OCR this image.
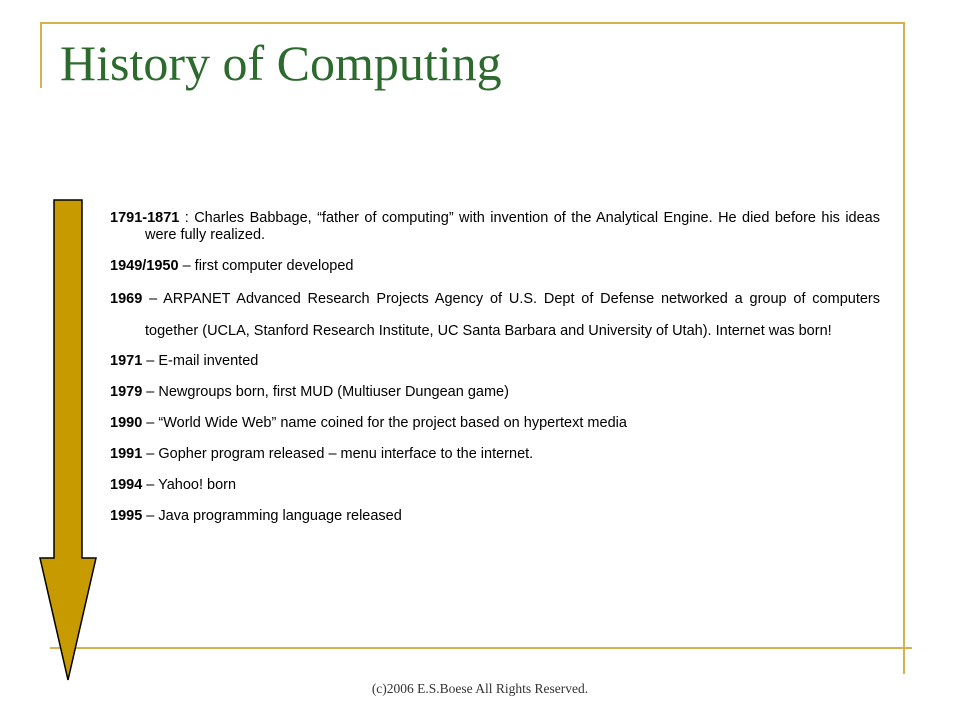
History of Computing

1791-1871 : Charles Babbage, “father of computing” with invention of the Analytical Engine. He died before his ideas were fully realized.

1949/1950 – first computer developed

1969 – ARPANET Advanced Research Projects Agency of U.S. Dept of Defense networked a group of computers together (UCLA, Stanford Research Institute, UC Santa Barbara and University of Utah). Internet was born!

1971 – E-mail invented

1979 – Newgroups born, first MUD (Multiuser Dungean game)

1990 – “World Wide Web” name coined for the project based on hypertext media

1991 – Gopher program released – menu interface to the internet.

1994 – Yahoo! born

1995 – Java programming language released

(c)2006 E.S.Boese All Rights Reserved.
